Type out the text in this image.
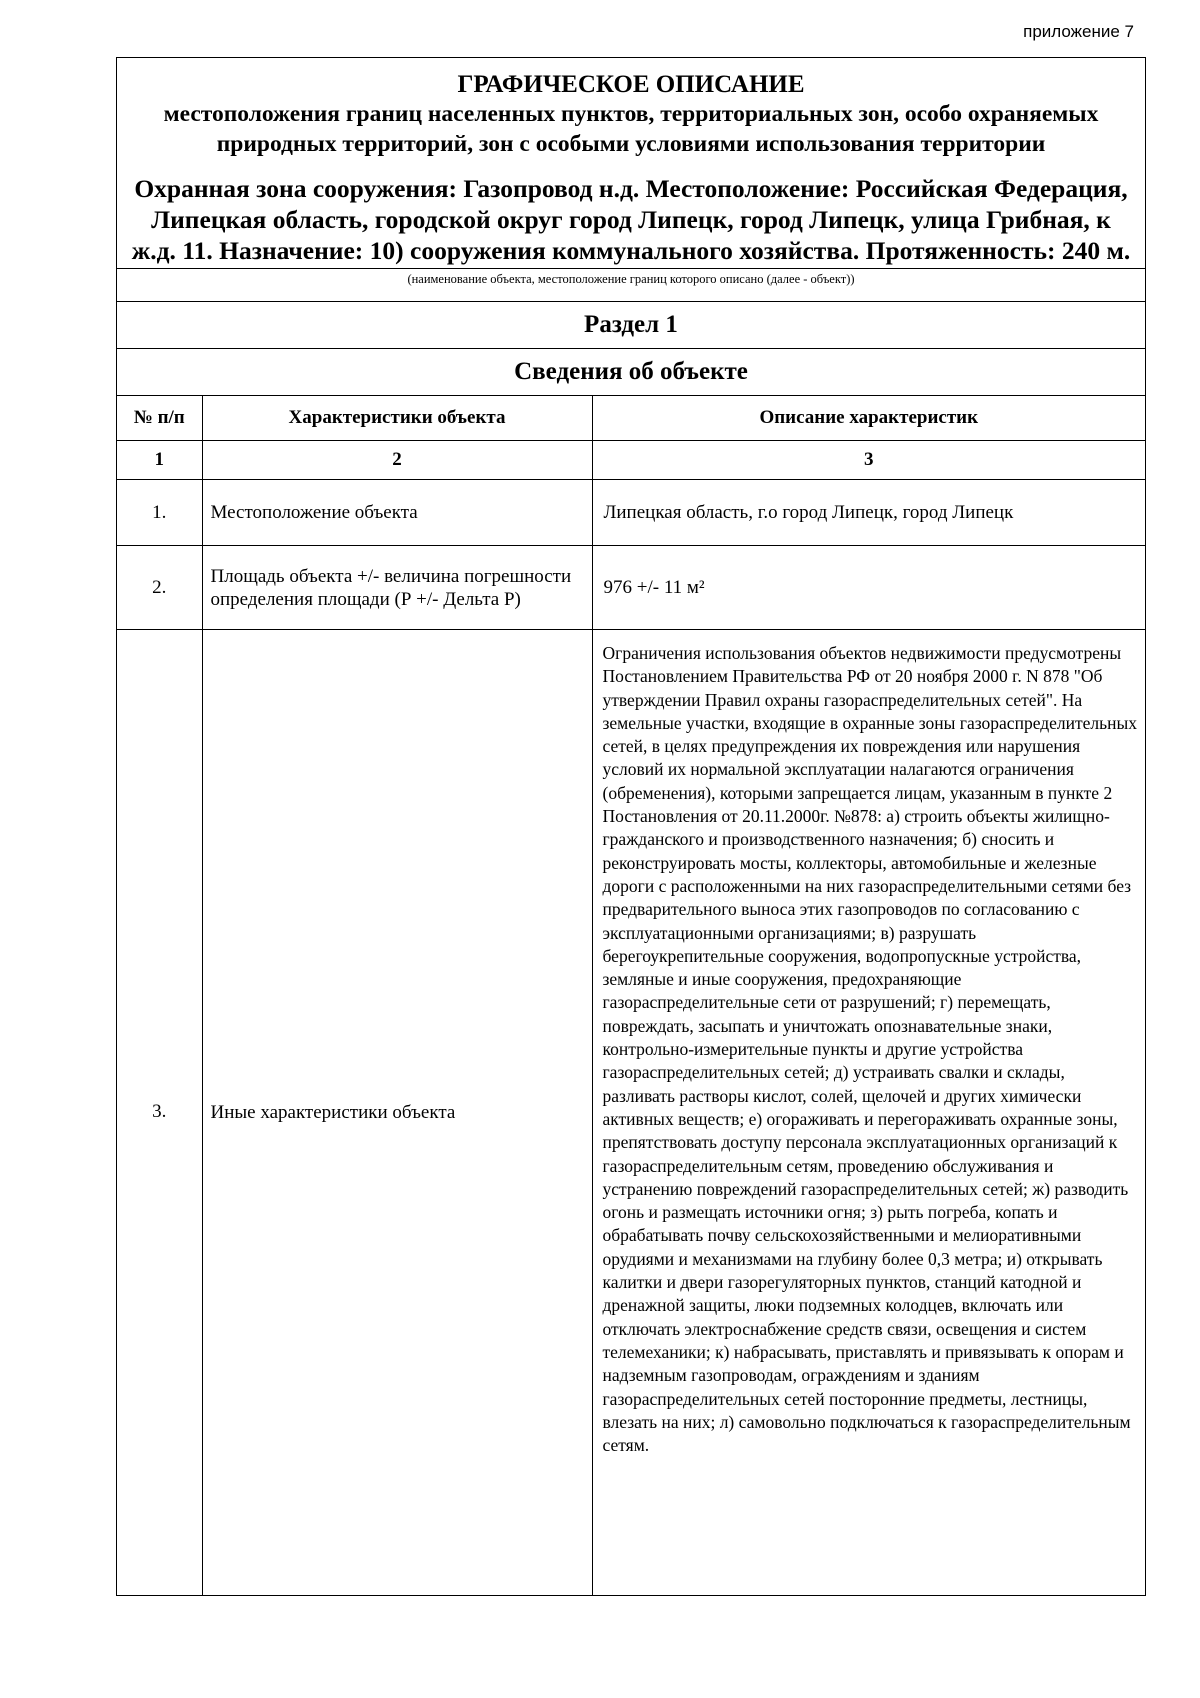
приложение 7
ГРАФИЧЕСКОЕ ОПИСАНИЕ
местоположения границ населенных пунктов, территориальных зон, особо охраняемых природных территорий, зон с особыми условиями использования территории
Охранная зона сооружения: Газопровод н.д. Местоположение: Российская Федерация, Липецкая область, городской округ город Липецк, город Липецк, улица Грибная, к ж.д. 11. Назначение: 10) сооружения коммунального хозяйства. Протяженность: 240 м.
(наименование объекта, местоположение границ которого описано (далее - объект))
Раздел 1
Сведения об объекте
№ п/п	Характеристики объекта	Описание характеристик
1	2	3
1.	Местоположение объекта	Липецкая область, г.о город Липецк, город Липецк
2.	Площадь объекта +/- величина погрешности определения площади (Р +/- Дельта Р)	976 +/- 11 м²
3.	Иные характеристики объекта	Ограничения использования объектов недвижимости предусмотрены Постановлением Правительства РФ от 20 ноября 2000 г. N 878 "Об утверждении Правил охраны газораспределительных сетей". На земельные участки, входящие в охранные зоны газораспределительных сетей, в целях предупреждения их повреждения или нарушения условий их нормальной эксплуатации налагаются ограничения (обременения), которыми запрещается лицам, указанным в пункте 2 Постановления от 20.11.2000г. №878: а) строить объекты жилищно-гражданского и производственного назначения; б) сносить и реконструировать мосты, коллекторы, автомобильные и железные дороги с расположенными на них газораспределительными сетями без предварительного выноса этих газопроводов по согласованию с эксплуатационными организациями; в) разрушать берегоукрепительные сооружения, водопропускные устройства, земляные и иные сооружения, предохраняющие газораспределительные сети от разрушений; г) перемещать, повреждать, засыпать и уничтожать опознавательные знаки, контрольно-измерительные пункты и другие устройства газораспределительных сетей; д) устраивать свалки и склады, разливать растворы кислот, солей, щелочей и других химически активных веществ; е) огораживать и перегораживать охранные зоны, препятствовать доступу персонала эксплуатационных организаций к газораспределительным сетям, проведению обслуживания и устранению повреждений газораспределительных сетей; ж) разводить огонь и размещать источники огня; з) рыть погреба, копать и обрабатывать почву сельскохозяйственными и мелиоративными орудиями и механизмами на глубину более 0,3 метра; и) открывать калитки и двери газорегуляторных пунктов, станций катодной и дренажной защиты, люки подземных колодцев, включать или отключать электроснабжение средств связи, освещения и систем телемеханики; к) набрасывать, приставлять и привязывать к опорам и надземным газопроводам, ограждениям и зданиям газораспределительных сетей посторонние предметы, лестницы, влезать на них; л) самовольно подключаться к газораспределительным сетям.
